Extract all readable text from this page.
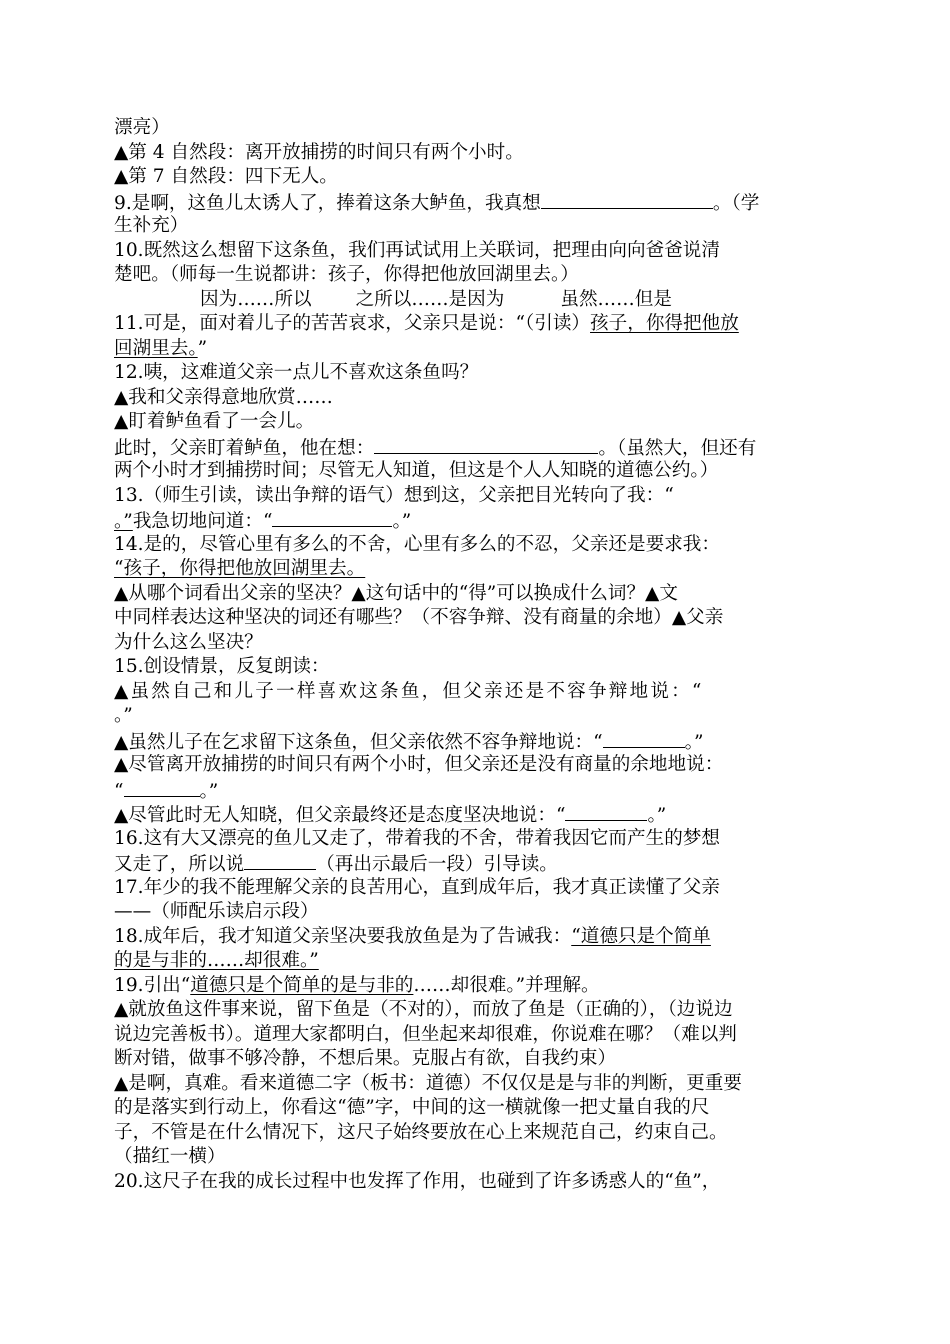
漂亮）
▲第 4 自然段：离开放捕捞的时间只有两个小时。
▲第 7 自然段：四下无人。
9.是啊，这鱼儿太诱人了，捧着这条大鲈鱼，我真想	。（学
生补充）
10.既然这么想留下这条鱼，我们再试试用上关联词，把理由向向爸爸说清
楚吧。（师每一生说都讲：孩子，你得把他放回湖里去。）
因为……所以 之所以……是因为	虽然……但是
11.可是，面对着儿子的苦苦哀求，父亲只是说：“（引读）孩子，你得把他放
回湖里去。”
12.咦，这难道父亲一点儿不喜欢这条鱼吗？
▲我和父亲得意地欣赏……
▲盯着鲈鱼看了一会儿。
此时，父亲盯着鲈鱼，他在想：	。（虽然大，但还有
两个小时才到捕捞时间；尽管无人知道，但这是个人人知晓的道德公约。）
13.（师生引读，读出争辩的语气）想到这，父亲把目光转向了我：“
。”我急切地问道：“	。”
14.是的，尽管心里有多么的不舍，心里有多么的不忍，父亲还是要求我：
“孩子，你得把他放回湖里去。
▲从哪个词看出父亲的坚决？▲这句话中的“得”可以换成什么词？▲文
中同样表达这种坚决的词还有哪些？（不容争辩、没有商量的余地）▲父亲
为什么这么坚决？
15.创设情景，反复朗读：
▲虽然自己和儿子一样喜欢这条鱼，但父亲还是不容争辩地说：“
。”
▲虽然儿子在乞求留下这条鱼，但父亲依然不容争辩地说：“	。”
▲尽管离开放捕捞的时间只有两个小时，但父亲还是没有商量的余地地说：
“	。”
▲尽管此时无人知晓，但父亲最终还是态度坚决地说：“	。”
16.这有大又漂亮的鱼儿又走了，带着我的不舍，带着我因它而产生的梦想
又走了，所以说	（再出示最后一段）引导读。
17.年少的我不能理解父亲的良苦用心，直到成年后，我才真正读懂了父亲
——（师配乐读启示段）
18.成年后，我才知道父亲坚决要我放鱼是为了告诫我：“道德只是个简单
的是与非的……却很难。”
19.引出“道德只是个简单的是与非的……却很难。”并理解。
▲就放鱼这件事来说，留下鱼是（不对的），而放了鱼是（正确的），（边说边
说边完善板书）。道理大家都明白，但坐起来却很难，你说难在哪？（难以判
断对错，做事不够冷静，不想后果。克服占有欲，自我约束）
▲是啊，真难。看来道德二字（板书：道德）不仅仅是是与非的判断，更重要
的是落实到行动上，你看这“德”字，中间的这一横就像一把丈量自我的尺
子，不管是在什么情况下，这尺子始终要放在心上来规范自己，约束自己。
（描红一横）
20.这尺子在我的成长过程中也发挥了作用，也碰到了许多诱惑人的“鱼”，
